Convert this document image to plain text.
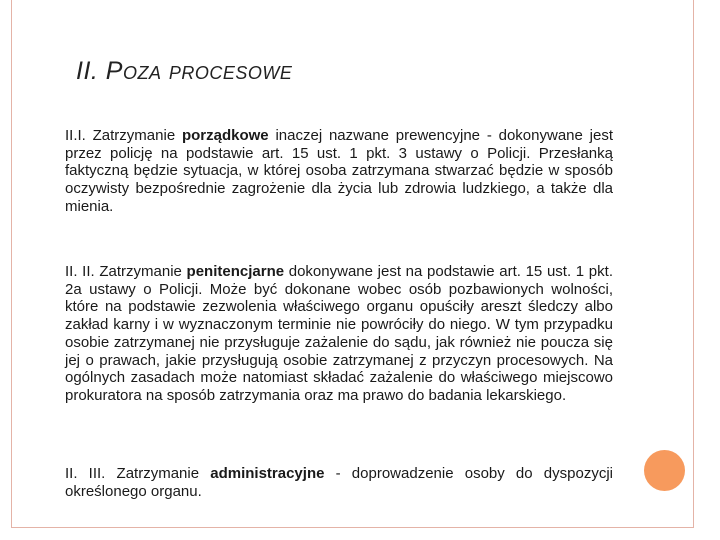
II. Poza procesowe

II.I. Zatrzymanie porządkowe inaczej nazwane prewencyjne - dokonywane jest przez policję na podstawie art. 15 ust. 1 pkt. 3 ustawy o Policji. Przesłanką faktyczną będzie sytuacja, w której osoba zatrzymana stwarzać będzie w sposób oczywisty bezpośrednie zagrożenie dla życia lub zdrowia ludzkiego, a także dla mienia.

II. II. Zatrzymanie penitencjarne dokonywane jest na podstawie art. 15 ust. 1 pkt. 2a ustawy o Policji. Może być dokonane wobec osób pozbawionych wolności, które na podstawie zezwolenia właściwego organu opuściły areszt śledczy albo zakład karny i w wyznaczonym terminie nie powróciły do niego. W tym przypadku osobie zatrzymanej nie przysługuje zażalenie do sądu, jak również nie poucza się jej o prawach, jakie przysługują osobie zatrzymanej z przyczyn procesowych. Na ogólnych zasadach może natomiast składać zażalenie do właściwego miejscowo prokuratora na sposób zatrzymania oraz ma prawo do badania lekarskiego.

II. III. Zatrzymanie administracyjne - doprowadzenie osoby do dyspozycji określonego organu.
